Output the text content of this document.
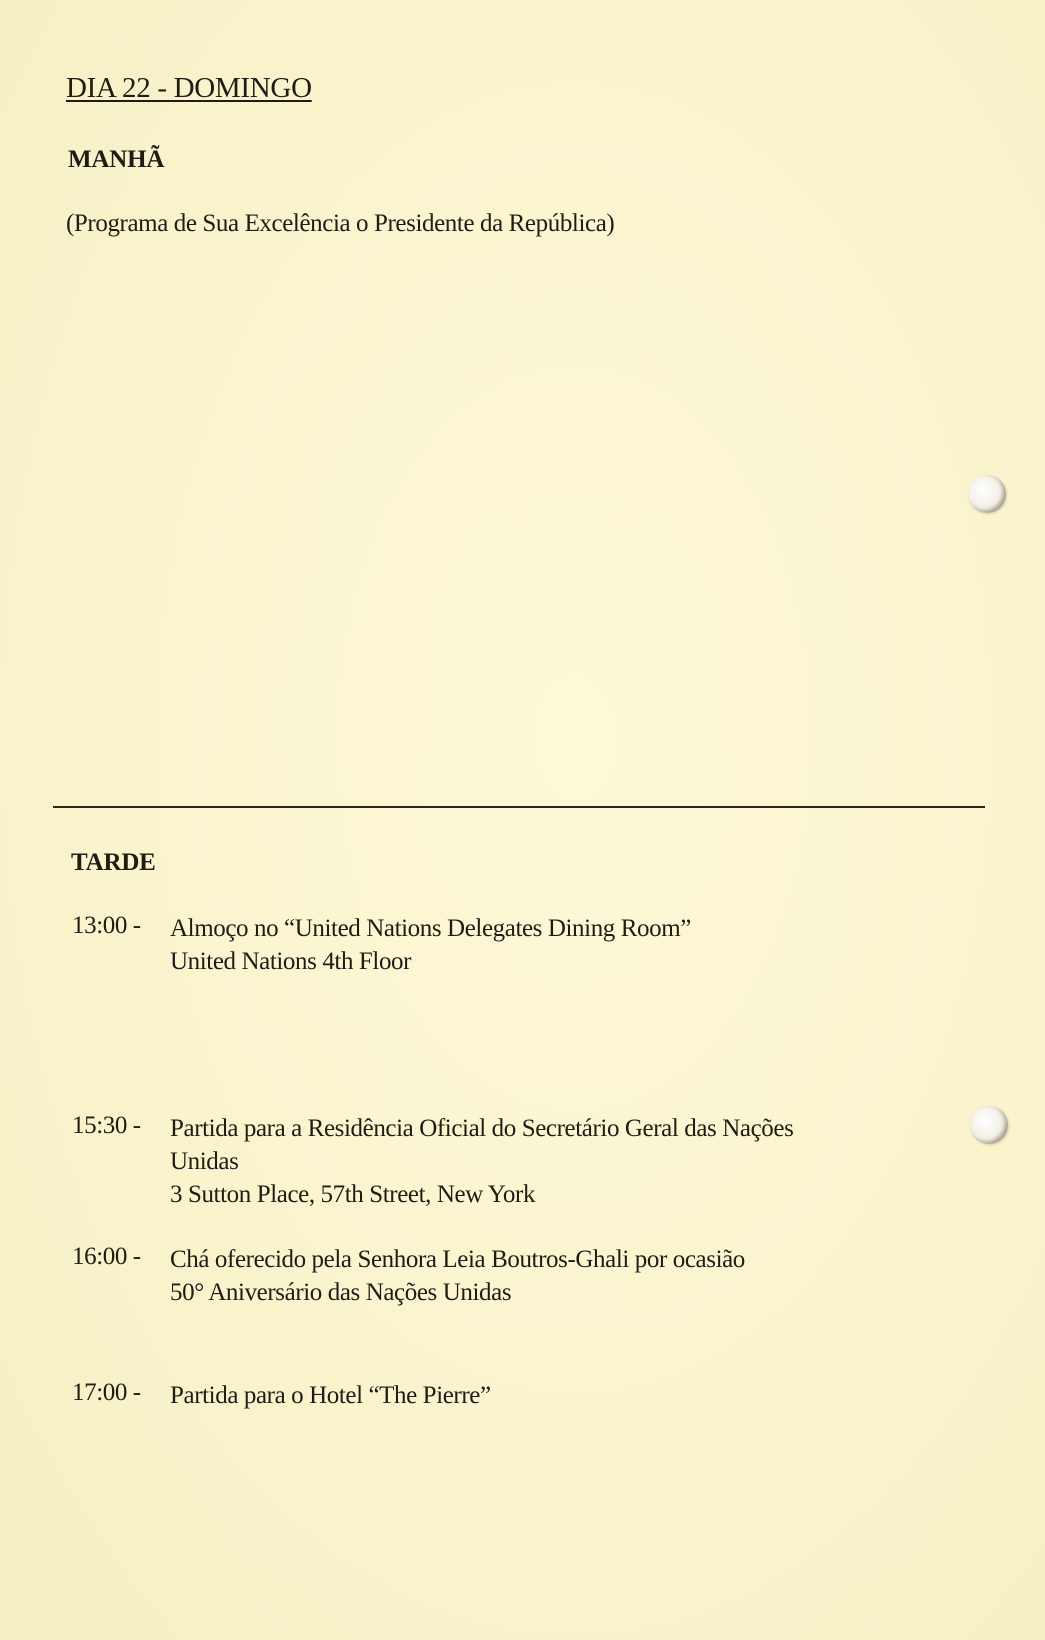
DIA 22 - DOMINGO
MANHÃ
(Programa de Sua Excelência o Presidente da República)
TARDE
13:00 - Almoço no “United Nations Delegates Dining Room”
United Nations 4th Floor
15:30 - Partida para a Residência Oficial do Secretário Geral das Nações
Unidas
3 Sutton Place, 57th Street, New York
16:00 - Chá oferecido pela Senhora Leia Boutros-Ghali por ocasião
50° Aniversário das Nações Unidas
17:00 - Partida para o Hotel “The Pierre”
